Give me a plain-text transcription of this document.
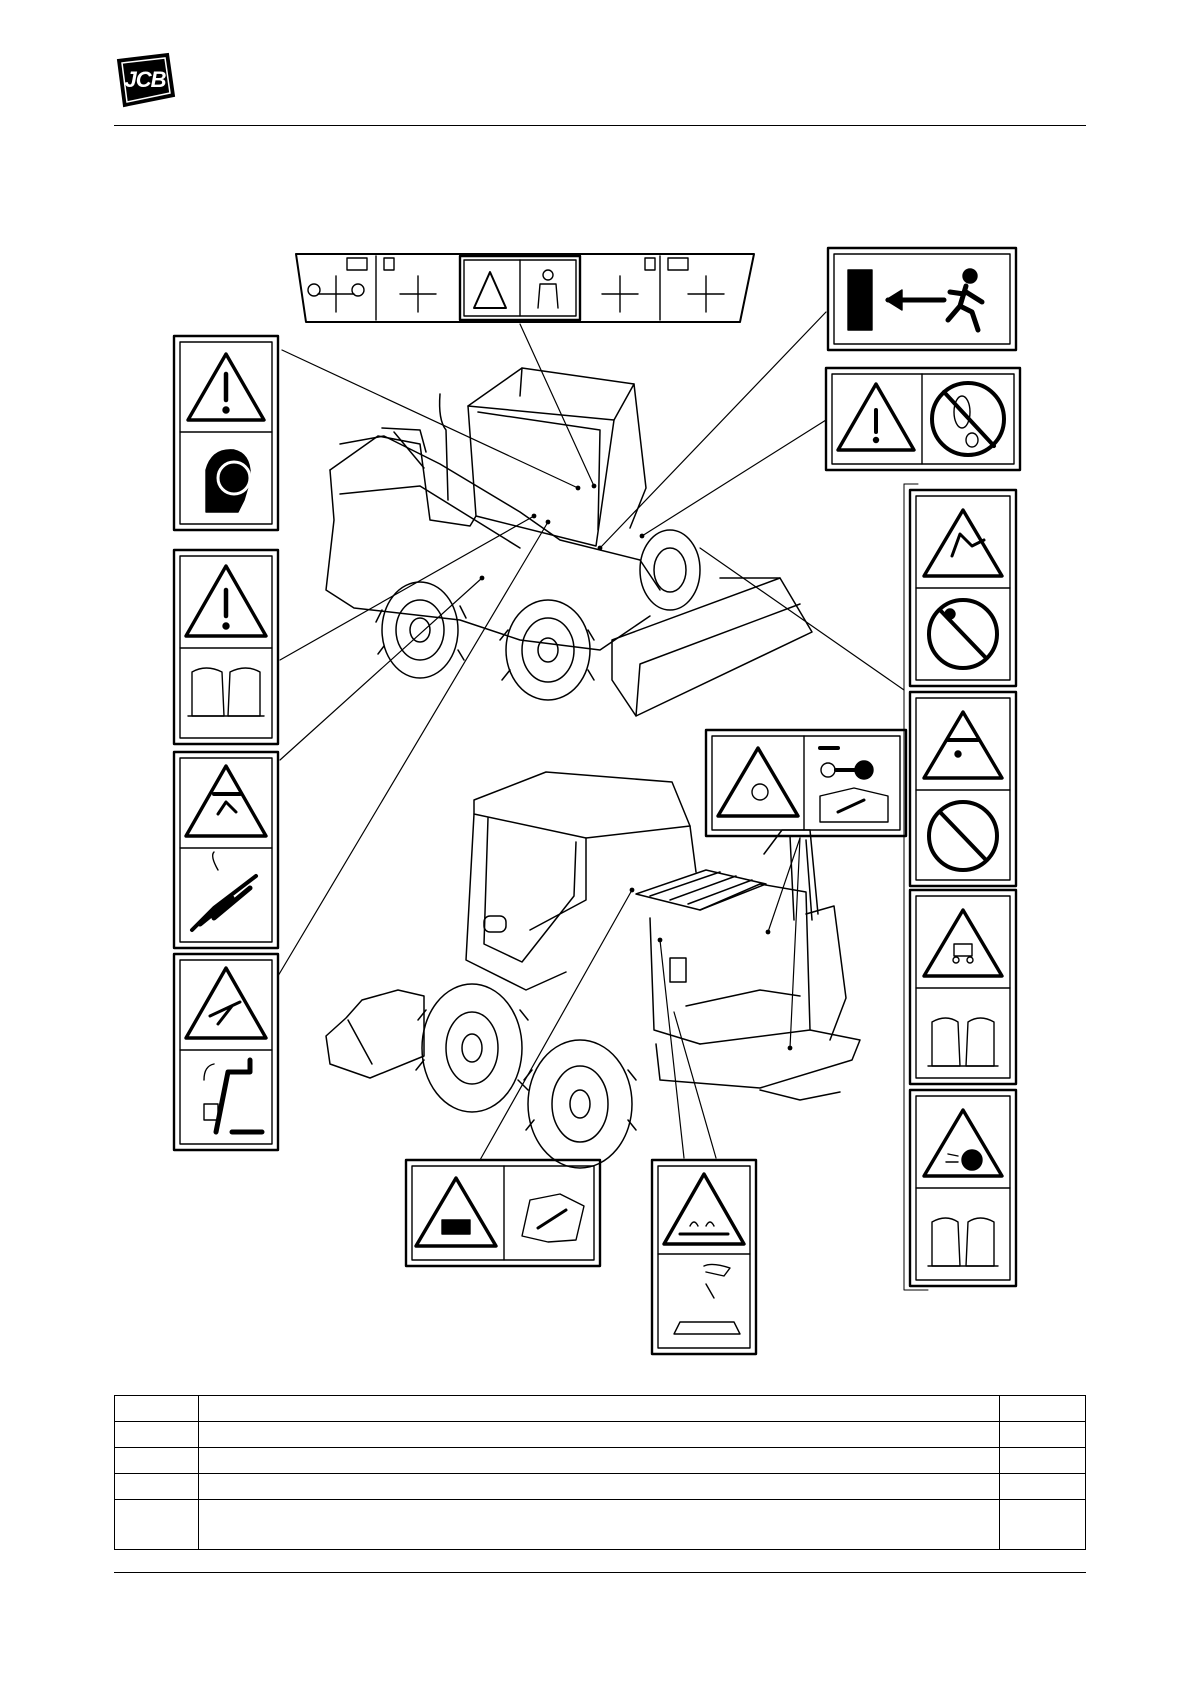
JCB
